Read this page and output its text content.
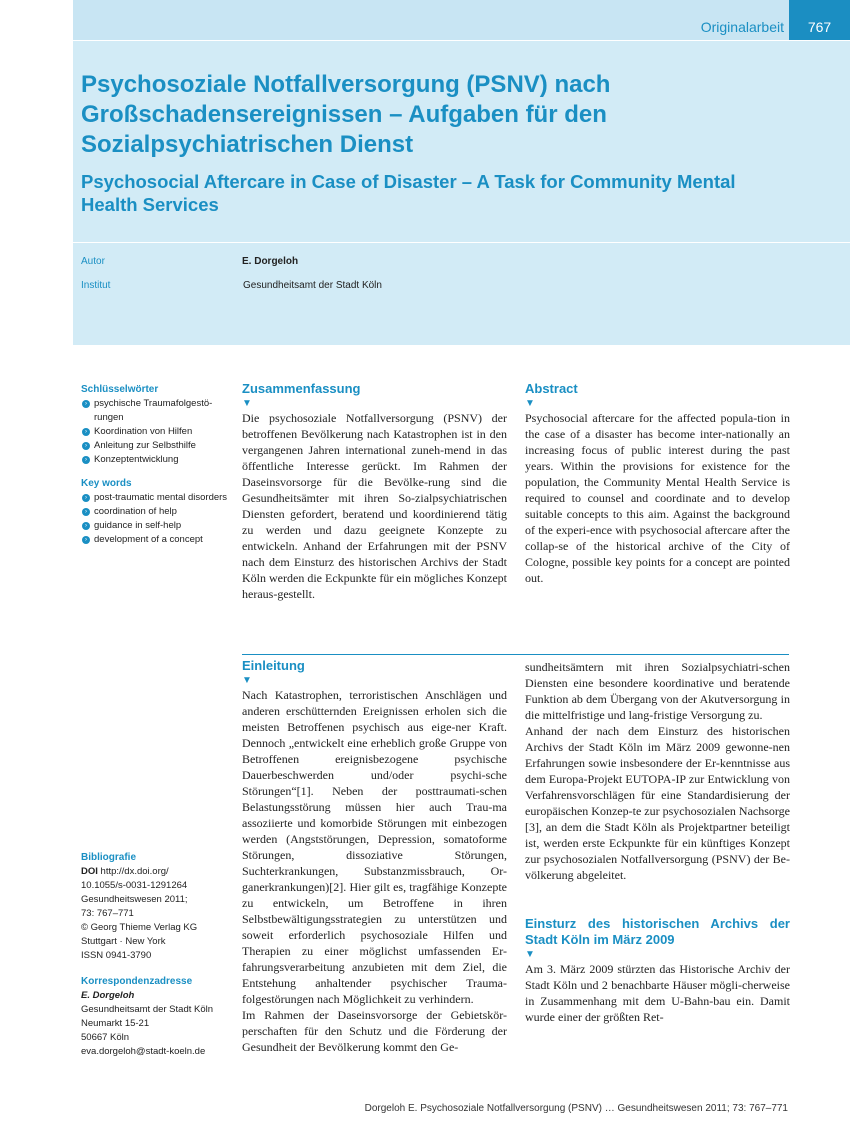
Originalarbeit	767
Psychosoziale Notfallversorgung (PSNV) nach Großschadensereignissen – Aufgaben für den Sozialpsychiatrischen Dienst
Psychosocial Aftercare in Case of Disaster – A Task for Community Mental Health Services
Autor	E. Dorgeloh
Institut	Gesundheitsamt der Stadt Köln
Schlüsselwörter
› psychische Traumafolgestö-rungen
› Koordination von Hilfen
› Anleitung zur Selbsthilfe
› Konzeptentwicklung
Key words
› post-traumatic mental disorders
› coordination of help
› guidance in self-help
› development of a concept
Zusammenfassung
▼

Die psychosoziale Notfallversorgung (PSNV) der betroffenen Bevölkerung nach Katastrophen ist in den vergangenen Jahren international zuneh-mend in das öffentliche Interesse gerückt. Im Rahmen der Daseinsvorsorge für die Bevölke-rung sind die Gesundheitsämter mit ihren So-zialpsychiatrischen Diensten gefordert, beratend und koordinierend tätig zu werden und dazu geeignete Konzepte zu entwickeln. Anhand der Erfahrungen mit der PSNV nach dem Einsturz des historischen Archivs der Stadt Köln werden die Eckpunkte für ein mögliches Konzept heraus-gestellt.

Abstract
▼

Psychosocial aftercare for the affected popula-tion in the case of a disaster has become inter-nationally an increasing focus of public interest during the past years. Within the provisions for existence for the population, the Community Mental Health Service is required to counsel and coordinate and to develop suitable concepts to this aim. Against the background of the experi-ence with psychosocial aftercare after the collap-se of the historical archive of the City of Cologne, possible key points for a concept are pointed out.

Einleitung
▼

Nach Katastrophen, terroristischen Anschlägen und anderen erschütternden Ereignissen erholen sich die meisten Betroffenen psychisch aus eige-ner Kraft. Dennoch „entwickelt eine erheblich große Gruppe von Betroffenen ereignisbezogene psychische Dauerbeschwerden und/oder psychi-sche Störungen“[1]. Neben der posttraumati-schen Belastungsstörung müssen hier auch Trau-ma assoziierte und komorbide Störungen mit einbezogen werden (Angststörungen, Depression, somatoforme Störungen, dissoziative Störungen, Suchterkrankungen, Substanzmissbrauch, Or-ganerkrankungen)[2]. Hier gilt es, tragfähige Konzepte zu entwickeln, um Betroffene in ihren Selbstbewältigungsstrategien zu unterstützen und soweit erforderlich psychosoziale Hilfen und Therapien zu einer möglichst umfassenden Er-fahrungsverarbeitung anzubieten mit dem Ziel, die Entstehung anhaltender psychischer Trauma-folgestörungen nach Möglichkeit zu verhindern.

Im Rahmen der Daseinsvorsorge der Gebietskör-perschaften für den Schutz und die Förderung der Gesundheit der Bevölkerung kommt den Ge-

sundheitsämtern mit ihren Sozialpsychiatri-schen Diensten eine besondere koordinative und beratende Funktion ab dem Übergang von der Akutversorgung in die mittelfristige und lang-fristige Versorgung zu.

Anhand der nach dem Einsturz des historischen Archivs der Stadt Köln im März 2009 gewonne-nen Erfahrungen sowie insbesondere der Er-kenntnisse aus dem Europa-Projekt EUTOPA-IP zur Entwicklung von Verfahrensvorschlägen für eine Standardisierung der europäischen Konzep-te zur psychosozialen Nachsorge [3], an dem die Stadt Köln als Projektpartner beteiligt ist, werden erste Eckpunkte für ein künftiges Konzept zur psychosozialen Notfallversorgung (PSNV) der Be-völkerung abgeleitet.

Einsturz des historischen Archivs der Stadt Köln im März 2009
▼

Am 3. März 2009 stürzten das Historische Archiv der Stadt Köln und 2 benachbarte Häuser mögli-cherweise in Zusammenhang mit dem U-Bahn-bau ein. Damit wurde einer der größten Ret-

Bibliografie
DOI http://dx.doi.org/
10.1055/s-0031-1291264
Gesundheitswesen 2011;
73: 767–771
© Georg Thieme Verlag KG
Stuttgart · New York
ISSN 0941-3790
Korrespondenzadresse
E. Dorgeloh
Gesundheitsamt der Stadt Köln
Neumarkt 15-21
50667 Köln
eva.dorgeloh@stadt-koeln.de
Dorgeloh E. Psychosoziale Notfallversorgung (PSNV) … Gesundheitswesen 2011; 73: 767–771
